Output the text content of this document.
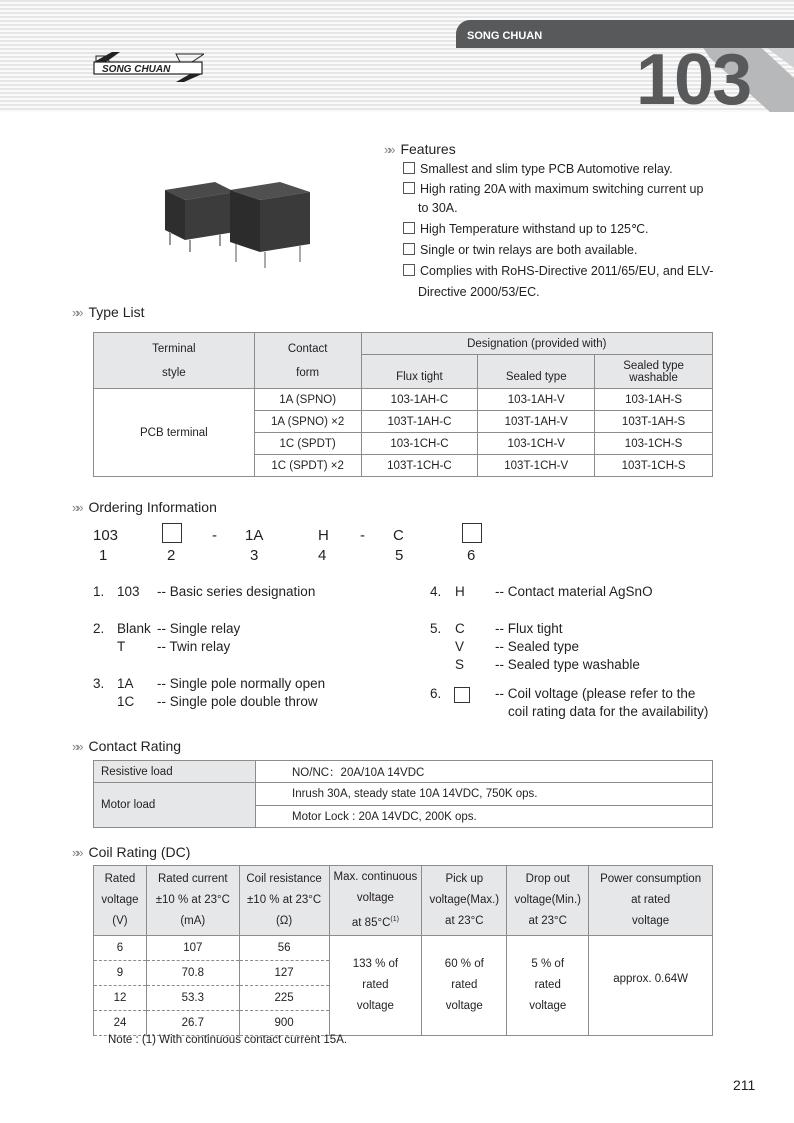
SONG CHUAN
103
SONG CHUAN
»» Features
Smallest and slim type PCB Automotive relay.
High rating 20A with maximum switching current up
to 30A.
High Temperature withstand up to 125℃.
Single or twin relays are both available.
Complies with RoHS-Directive 2011/65/EU, and ELV-
Directive 2000/53/EC.
»» Type List
Terminal

style	Contact

form	Designation (provided with)		
		Flux tight	Sealed type	Sealed type
washable
PCB terminal	1A (SPNO)	103-1AH-C	103-1AH-V	103-1AH-S
	1A (SPNO) ×2	103T-1AH-C	103T-1AH-V	103T-1AH-S
	1C (SPDT)	103-1CH-C	103-1CH-V	103-1CH-S
	1C (SPDT) ×2	103T-1CH-C	103T-1CH-V	103T-1CH-S
»» Ordering Information
103	- 1A	H - C
1	2	3	4	5	6
1. 103 -- Basic series designation
2. Blank -- Single relay
T -- Twin relay
3. 1A -- Single pole normally open
1C -- Single pole double throw
4. H -- Contact material AgSnO
5. C -- Flux tight
V -- Sealed type
S -- Sealed type washable
6.	-- Coil voltage (please refer to the
coil rating data for the availability)
»» Contact Rating
Resistive load	NO/NC：20A/10A 14VDC
Motor load	Inrush 30A, steady state 10A 14VDC, 750K ops.
	Motor Lock : 20A 14VDC, 200K ops.
»» Coil Rating (DC)
Rated
voltage
(V)	Rated current
±10 % at 23°C
(mA)	Coil resistance
±10 % at 23°C
(Ω)	Max. continuous
voltage
at $85^\circ C^{(1)}$	Pick up
voltage(Max.)
at 23°C	Drop out
voltage(Min.)
at 23°C	Power consumption
at rated
voltage
6	107	56	133 % of
rated
voltage	60 % of
rated
voltage	5 % of
rated
voltage	approx. 0.64W
9	70.8	127				
12	53.3	225				
24	26.7	900				
Note : (1) With continuous contact current 15A.
211
